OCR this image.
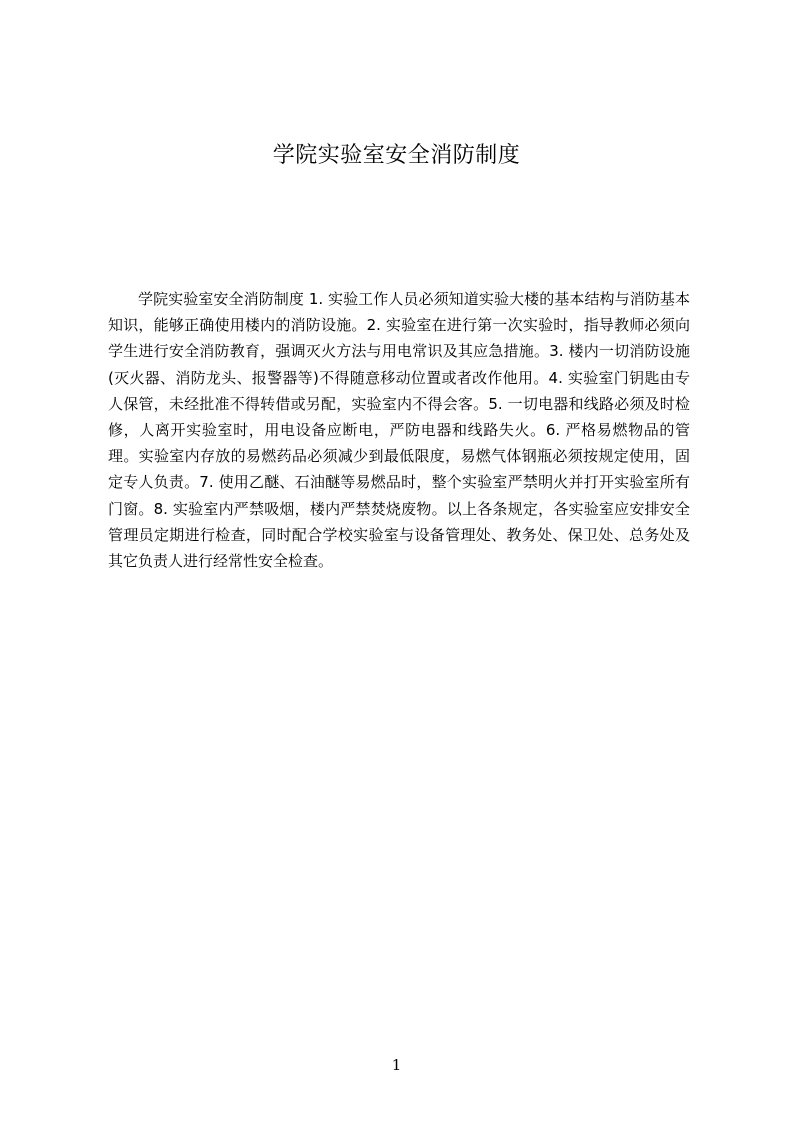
学院实验室安全消防制度

学院实验室安全消防制度 1. 实验工作人员必须知道实验大楼的基本结构与消防基本知识，能够正确使用楼内的消防设施。2. 实验室在进行第一次实验时，指导教师必须向学生进行安全消防教育，强调灭火方法与用电常识及其应急措施。3. 楼内一切消防设施(灭火器、消防龙头、报警器等)不得随意移动位置或者改作他用。4. 实验室门钥匙由专人保管，未经批准不得转借或另配，实验室内不得会客。5. 一切电器和线路必须及时检修，人离开实验室时，用电设备应断电，严防电器和线路失火。6. 严格易燃物品的管理。实验室内存放的易燃药品必须减少到最低限度，易燃气体钢瓶必须按规定使用，固定专人负责。7. 使用乙醚、石油醚等易燃品时，整个实验室严禁明火并打开实验室所有门窗。8. 实验室内严禁吸烟，楼内严禁焚烧废物。以上各条规定，各实验室应安排安全管理员定期进行检查，同时配合学校实验室与设备管理处、教务处、保卫处、总务处及其它负责人进行经常性安全检查。

1
